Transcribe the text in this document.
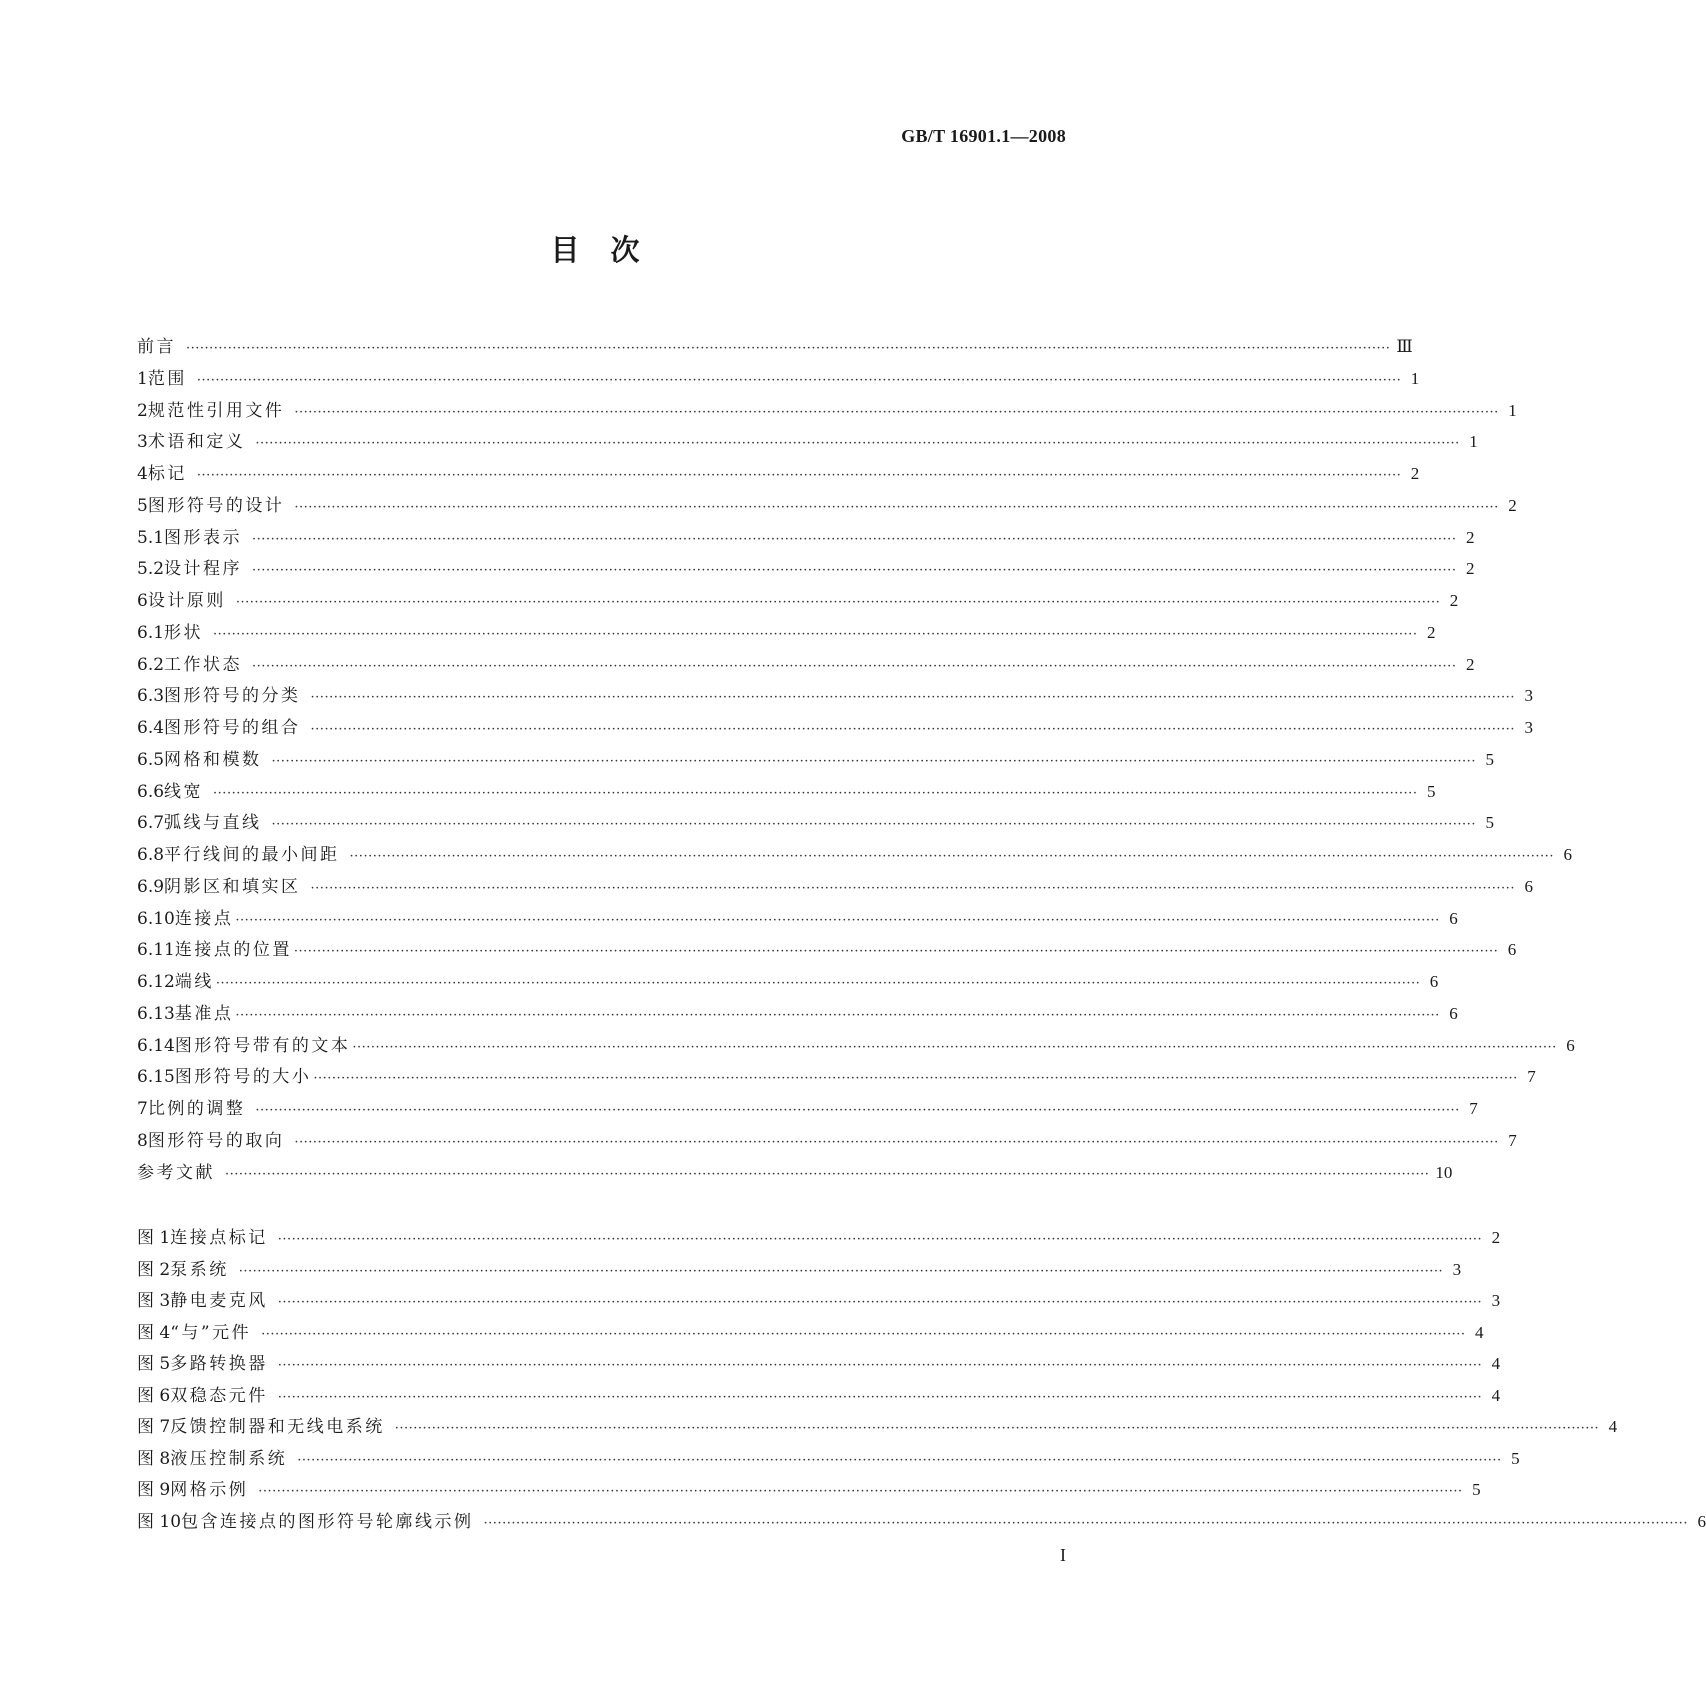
GB/T 16901.1—2008
目　次
前言 ···································································································································································································································································· Ⅲ
1 范围 ···································································································································································································································································· 1
2 规范性引用文件 ···································································································································································································································································· 1
3 术语和定义 ···································································································································································································································································· 1
4 标记 ···································································································································································································································································· 2
5 图形符号的设计 ···································································································································································································································································· 2
5.1 图形表示 ···································································································································································································································································· 2
5.2 设计程序 ···································································································································································································································································· 2
6 设计原则 ···································································································································································································································································· 2
6.1 形状 ···································································································································································································································································· 2
6.2 工作状态 ···································································································································································································································································· 2
6.3 图形符号的分类 ···································································································································································································································································· 3
6.4 图形符号的组合 ···································································································································································································································································· 3
6.5 网格和模数 ···································································································································································································································································· 5
6.6 线宽 ···································································································································································································································································· 5
6.7 弧线与直线 ···································································································································································································································································· 5
6.8 平行线间的最小间距 ···································································································································································································································································· 6
6.9 阴影区和填实区 ···································································································································································································································································· 6
6.10 连接点 ···································································································································································································································································· 6
6.11 连接点的位置 ···································································································································································································································································· 6
6.12 端线 ···································································································································································································································································· 6
6.13 基准点 ···································································································································································································································································· 6
6.14 图形符号带有的文本 ···································································································································································································································································· 6
6.15 图形符号的大小 ···································································································································································································································································· 7
7 比例的调整 ···································································································································································································································································· 7
8 图形符号的取向 ···································································································································································································································································· 7
参考文献 ···································································································································································································································································· 10
图 1 连接点标记 ···································································································································································································································································· 2
图 2 泵系统 ···································································································································································································································································· 3
图 3 静电麦克风 ···································································································································································································································································· 3
图 4 “与”元件 ···································································································································································································································································· 4
图 5 多路转换器 ···································································································································································································································································· 4
图 6 双稳态元件 ···································································································································································································································································· 4
图 7 反馈控制器和无线电系统 ···································································································································································································································································· 4
图 8 液压控制系统 ···································································································································································································································································· 5
图 9 网格示例 ···································································································································································································································································· 5
图 10 包含连接点的图形符号轮廓线示例 ···································································································································································································································································· 6
I
